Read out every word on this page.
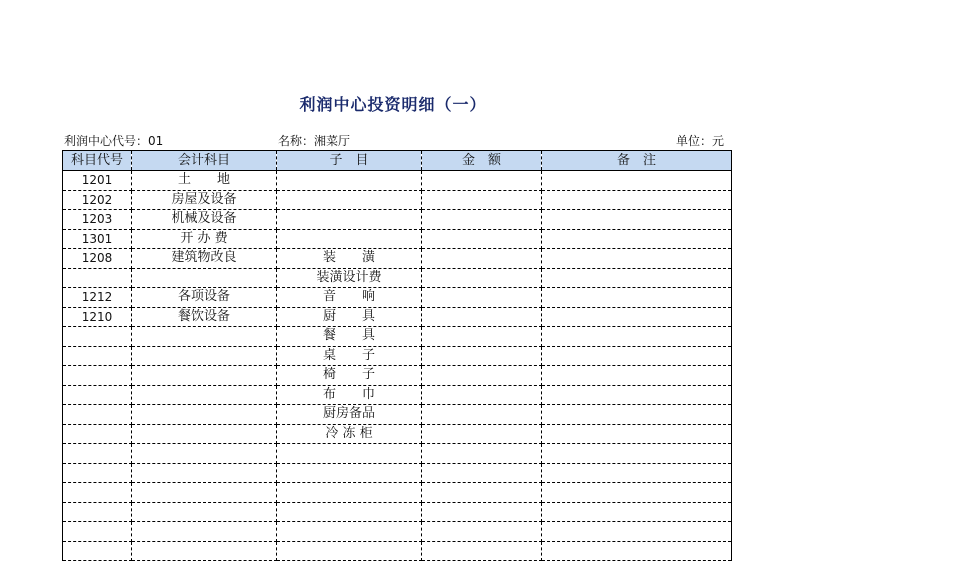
利润中心投资明细（一）
利润中心代号：01	名称：湘菜厅	单位：元
科目代号	会计科目	子　目	金　额	备　注
1201	土　　地			
1202	房屋及设备			
1203	机械及设备			
1301	开 办 费			
1208	建筑物改良	装　　潢		
		装潢设计费		
1212	各项设备	音　　响		
1210	餐饮设备	厨　　具		
		餐　　具		
		桌　　子		
		椅　　子		
		布　　巾		
		厨房备品		
		冷 冻 柜		
